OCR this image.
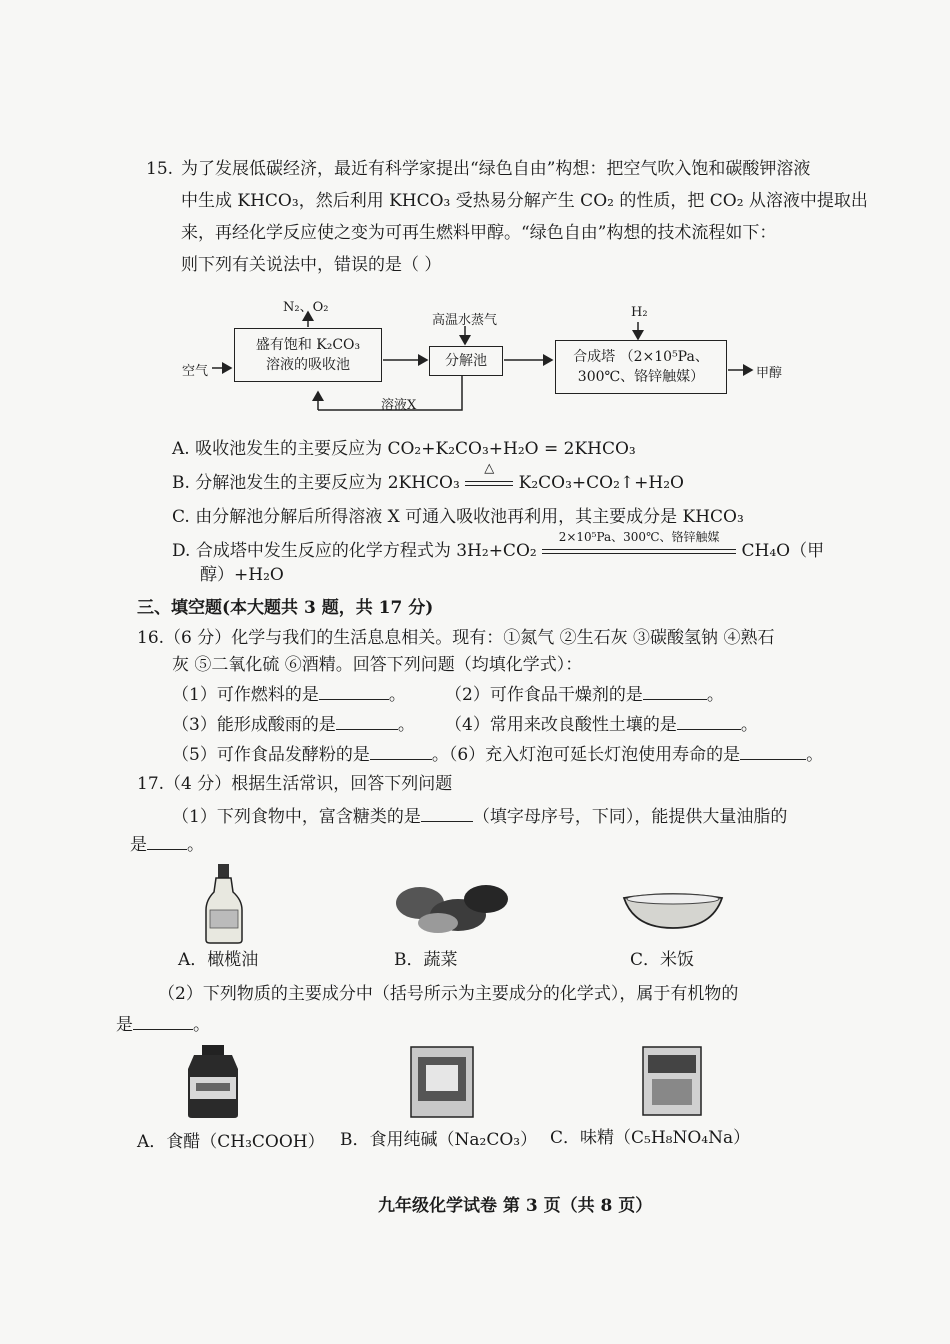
15. 为了发展低碳经济，最近有科学家提出“绿色自由”构想：把空气吹入饱和碳酸钾溶液
中生成 KHCO₃，然后利用 KHCO₃ 受热易分解产生 CO₂ 的性质，把 CO₂ 从溶液中提取出
来，再经化学反应使之变为可再生燃料甲醇。“绿色自由”构想的技术流程如下：
则下列有关说法中，错误的是（ ）
N₂、O₂
空气
盛有饱和 K₂CO₃
溶液的吸收池
高温水蒸气
分解池
H₂
合成塔 （2×10⁵Pa、
300℃、铬锌触媒）	甲醇
溶液X
A. 吸收池发生的主要反应为 CO₂+K₂CO₃+H₂O = 2KHCO₃
B. 分解池发生的主要反应为 2KHCO₃
△
K₂CO₃+CO₂↑+H₂O
C. 由分解池分解后所得溶液 X 可通入吸收池再利用，其主要成分是 KHCO₃
D. 合成塔中发生反应的化学方程式为 3H₂+CO₂
2×10⁵Pa、300℃、铬锌触媒
CH₄O（甲
醇）+H₂O
三、填空题(本大题共 3 题，共 17 分)
16.（6 分）化学与我们的生活息息相关。现有：①氮气 ②生石灰 ③碳酸氢钠 ④熟石
灰 ⑤二氧化硫 ⑥酒精。回答下列问题（均填化学式）：
（1）可作燃料的是	。 （2）可作食品干燥剂的是	。
（3）能形成酸雨的是	。 （4）常用来改良酸性土壤的是	。
（5）可作食品发酵粉的是	。（6）充入灯泡可延长灯泡使用寿命的是	。
17.（4 分）根据生活常识，回答下列问题
（1）下列食物中，富含糖类的是	（填字母序号，下同），能提供大量油脂的
是 。
A．橄榄油	B．蔬菜	C．米饭
（2）下列物质的主要成分中（括号所示为主要成分的化学式），属于有机物的
是	。
A．食醋（CH₃COOH） B．食用纯碱（Na₂CO₃） C．味精（C₅H₈NO₄Na）
九年级化学试卷 第 3 页（共 8 页）
